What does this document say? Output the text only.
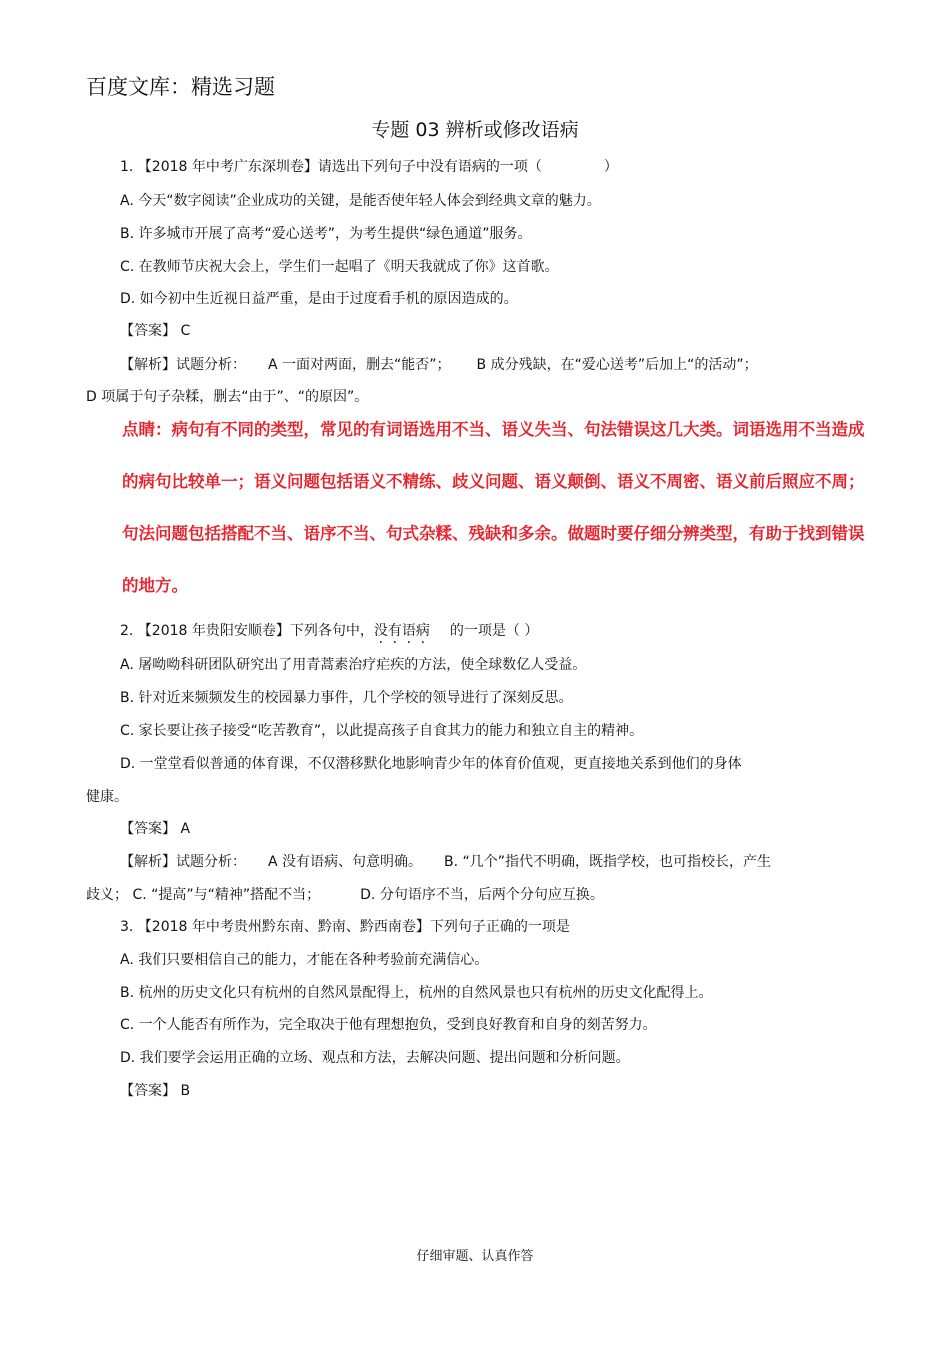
百度文库：精选习题
专题 03 辨析或修改语病
1. 【2018 年中考广东深圳卷】请选出下列句子中没有语病的一项（	）
A. 今天“数字阅读”企业成功的关键，是能否使年轻人体会到经典文章的魅力。
B. 许多城市开展了高考“爱心送考”，为考生提供“绿色通道”服务。
C. 在教师节庆祝大会上，学生们一起唱了《明天我就成了你》这首歌。
D. 如今初中生近视日益严重，是由于过度看手机的原因造成的。
【答案】 C
【解析】试题分析： A 一面对两面，删去“能否”； B 成分残缺，在“爱心送考”后加上“的活动”；
D 项属于句子杂糅，删去“由于”、“的原因”。
点睛：病句有不同的类型，常见的有词语选用不当、语义失当、句法错误这几大类。词语选用不当造成
的病句比较单一；语义问题包括语义不精练、歧义问题、语义颠倒、语义不周密、语义前后照应不周；
句法问题包括搭配不当、语序不当、句式杂糅、残缺和多余。做题时要仔细分辨类型，有助于找到错误
的地方。
2. 【2018 年贵阳安顺卷】下列各句中，没有语病 的一项是（ ）
A. 屠呦呦科研团队研究出了用青蒿素治疗疟疾的方法，使全球数亿人受益。
B. 针对近来频频发生的校园暴力事件，几个学校的领导进行了深刻反思。
C. 家长要让孩子接受“吃苦教育”，以此提高孩子自食其力的能力和独立自主的精神。
D. 一堂堂看似普通的体育课，不仅潜移默化地影响青少年的体育价值观，更直接地关系到他们的身体
健康。
【答案】 A
【解析】试题分析： A 没有语病、句意明确。 B. “几个”指代不明确，既指学校，也可指校长，产生
歧义； C. “提高”与“精神”搭配不当；	D. 分句语序不当，后两个分句应互换。
3. 【2018 年中考贵州黔东南、黔南、黔西南卷】下列句子正确的一项是
A. 我们只要相信自己的能力，才能在各种考验前充满信心。
B. 杭州的历史文化只有杭州的自然风景配得上，杭州的自然风景也只有杭州的历史文化配得上。
C. 一个人能否有所作为，完全取决于他有理想抱负，受到良好教育和自身的刻苦努力。
D. 我们要学会运用正确的立场、观点和方法，去解决问题、提出问题和分析问题。
【答案】 B
仔细审题、认真作答
